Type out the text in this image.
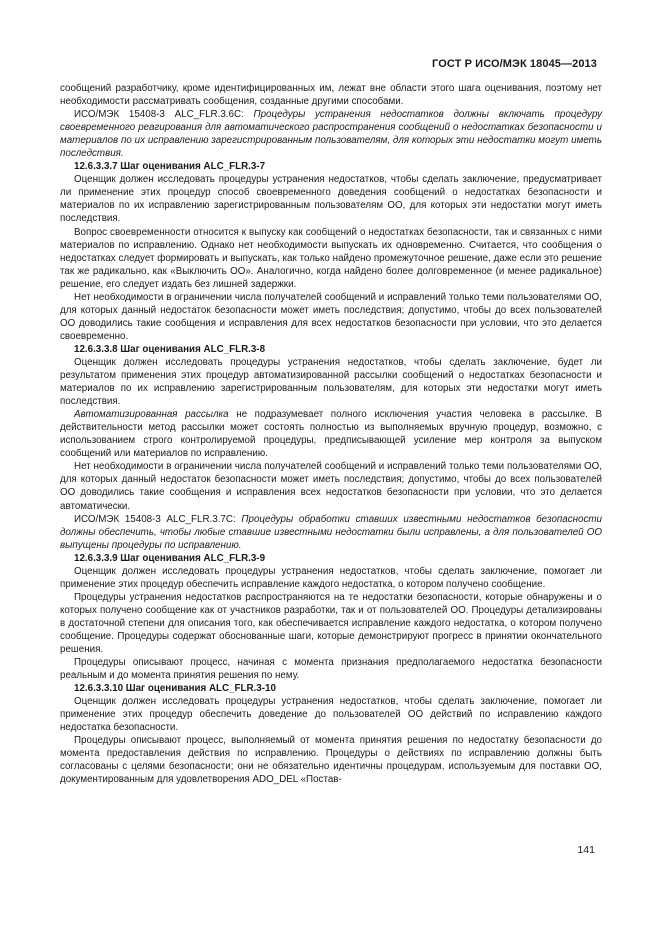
ГОСТ Р ИСО/МЭК 18045—2013

сообщений разработчику, кроме идентифицированных им, лежат вне области этого шага оценивания, поэтому нет необходимости рассматривать сообщения, созданные другими способами.

ИСО/МЭК 15408-3 ALC_FLR.3.6C: Процедуры устранения недостатков должны включать процедуру своевременного реагирования для автоматического распространения сообщений о недостатках безопасности и материалов по их исправлению зарегистрированным пользователям, для которых эти недостатки могут иметь последствия.

12.6.3.3.7 Шаг оценивания ALC_FLR.3-7

Оценщик должен исследовать процедуры устранения недостатков, чтобы сделать заключение, предусматривает ли применение этих процедур способ своевременного доведения сообщений о недостатках безопасности и материалов по их исправлению зарегистрированным пользователям ОО, для которых эти недостатки могут иметь последствия.

Вопрос своевременности относится к выпуску как сообщений о недостатках безопасности, так и связанных с ними материалов по исправлению. Однако нет необходимости выпускать их одновременно. Считается, что сообщения о недостатках следует формировать и выпускать, как только найдено промежуточное решение, даже если это решение так же радикально, как «Выключить ОО». Аналогично, когда найдено более долговременное (и менее радикальное) решение, его следует издать без лишней задержки.

Нет необходимости в ограничении числа получателей сообщений и исправлений только теми пользователями ОО, для которых данный недостаток безопасности может иметь последствия; допустимо, чтобы до всех пользователей ОО доводились такие сообщения и исправления для всех недостатков безопасности при условии, что это делается своевременно.

12.6.3.3.8 Шаг оценивания ALC_FLR.3-8

Оценщик должен исследовать процедуры устранения недостатков, чтобы сделать заключение, будет ли результатом применения этих процедур автоматизированной рассылки сообщений о недостатках безопасности и материалов по их исправлению зарегистрированным пользователям, для которых эти недостатки могут иметь последствия.

Автоматизированная рассылка не подразумевает полного исключения участия человека в рассылке. В действительности метод рассылки может состоять полностью из выполняемых вручную процедур, возможно, с использованием строго контролируемой процедуры, предписывающей усиление мер контроля за выпуском сообщений или материалов по исправлению.

Нет необходимости в ограничении числа получателей сообщений и исправлений только теми пользователями ОО, для которых данный недостаток безопасности может иметь последствия; допустимо, чтобы до всех пользователей ОО доводились такие сообщения и исправления всех недостатков безопасности при условии, что это делается автоматически.

ИСО/МЭК 15408-3 ALC_FLR.3.7C: Процедуры обработки ставших известными недостатков безопасности должны обеспечить, чтобы любые ставшие известными недостатки были исправлены, а для пользователей ОО выпущены процедуры по исправлению.

12.6.3.3.9 Шаг оценивания ALC_FLR.3-9

Оценщик должен исследовать процедуры устранения недостатков, чтобы сделать заключение, помогает ли применение этих процедур обеспечить исправление каждого недостатка, о котором получено сообщение.

Процедуры устранения недостатков распространяются на те недостатки безопасности, которые обнаружены и о которых получено сообщение как от участников разработки, так и от пользователей ОО. Процедуры детализированы в достаточной степени для описания того, как обеспечивается исправление каждого недостатка, о котором получено сообщение. Процедуры содержат обоснованные шаги, которые демонстрируют прогресс в принятии окончательного решения.

Процедуры описывают процесс, начиная с момента признания предполагаемого недостатка безопасности реальным и до момента принятия решения по нему.

12.6.3.3.10 Шаг оценивания ALC_FLR.3-10

Оценщик должен исследовать процедуры устранения недостатков, чтобы сделать заключение, помогает ли применение этих процедур обеспечить доведение до пользователей ОО действий по исправлению каждого недостатка безопасности.

Процедуры описывают процесс, выполняемый от момента принятия решения по недостатку безопасности до момента предоставления действия по исправлению. Процедуры о действиях по исправлению должны быть согласованы с целями безопасности; они не обязательно идентичны процедурам, используемым для поставки ОО, документированным для удовлетворения ADO_DEL «Постав-

141
